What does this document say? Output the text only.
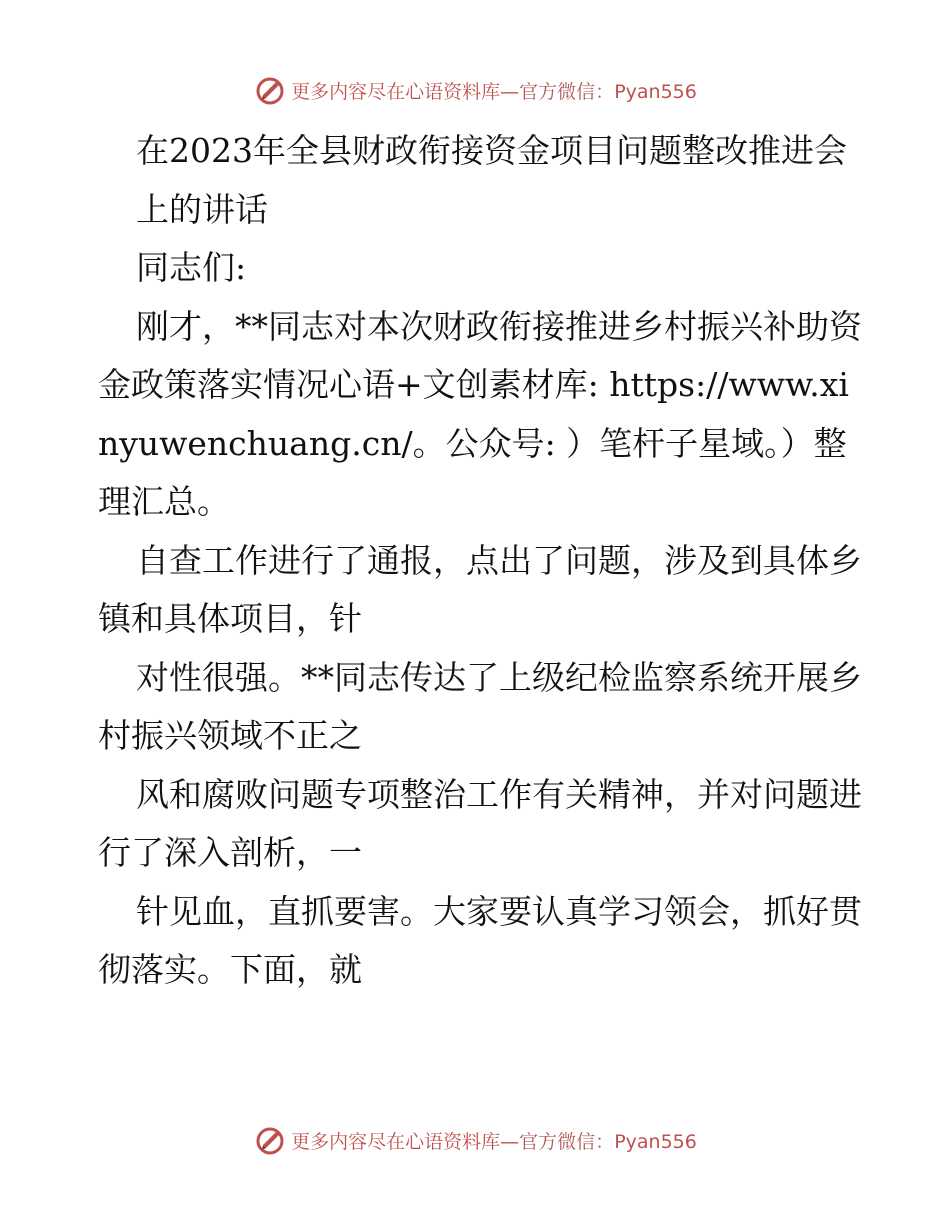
更多内容尽在心语资料库—官方微信：Pyan556

在2023年全县财政衔接资金项目问题整改推进会

上的讲话

同志们:

刚才，**同志对本次财政衔接推进乡村振兴补助资金政策落实情况心语+文创素材库: https://www.xinyuwenchuang.cn/。公众号: ）笔杆子星域。）整理汇总。

自查工作进行了通报，点出了问题，涉及到具体乡镇和具体项目，针

对性很强。**同志传达了上级纪检监察系统开展乡村振兴领域不正之

风和腐败问题专项整治工作有关精神，并对问题进行了深入剖析，一

针见血，直抓要害。大家要认真学习领会，抓好贯彻落实。下面，就

更多内容尽在心语资料库—官方微信：Pyan556
